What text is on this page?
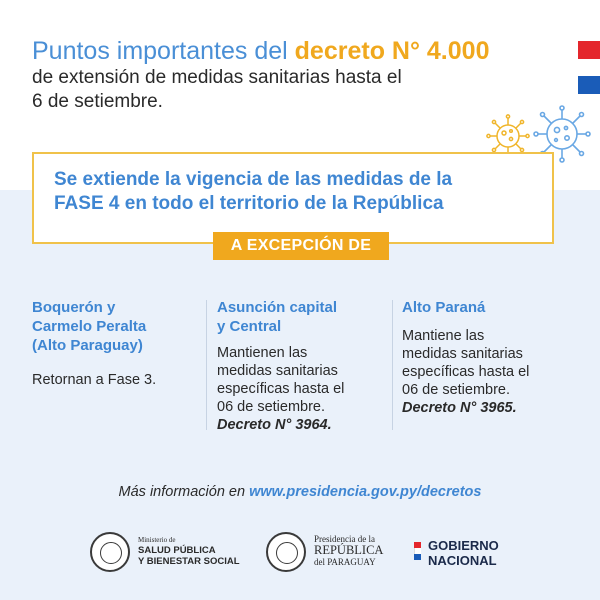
Puntos importantes del decreto N° 4.000
de extensión de medidas sanitarias hasta el
6 de setiembre.
Se extiende la vigencia de las medidas de la
FASE 4 en todo el territorio de la República
A EXCEPCIÓN DE
Boquerón y
Carmelo Peralta
(Alto Paraguay)
Retornan a Fase 3.
Asunción capital
y Central
Mantienen las
medidas sanitarias
específicas hasta el
06 de setiembre.
Decreto N° 3964.
Alto Paraná
Mantiene las
medidas sanitarias
específicas hasta el
06 de setiembre.
Decreto N° 3965.
Más información en www.presidencia.gov.py/decretos
Ministerio de
SALUD PÚBLICA
Y BIENESTAR SOCIAL
Presidencia de la
REPÚBLICA
del PARAGUAY
GOBIERNO
NACIONAL
